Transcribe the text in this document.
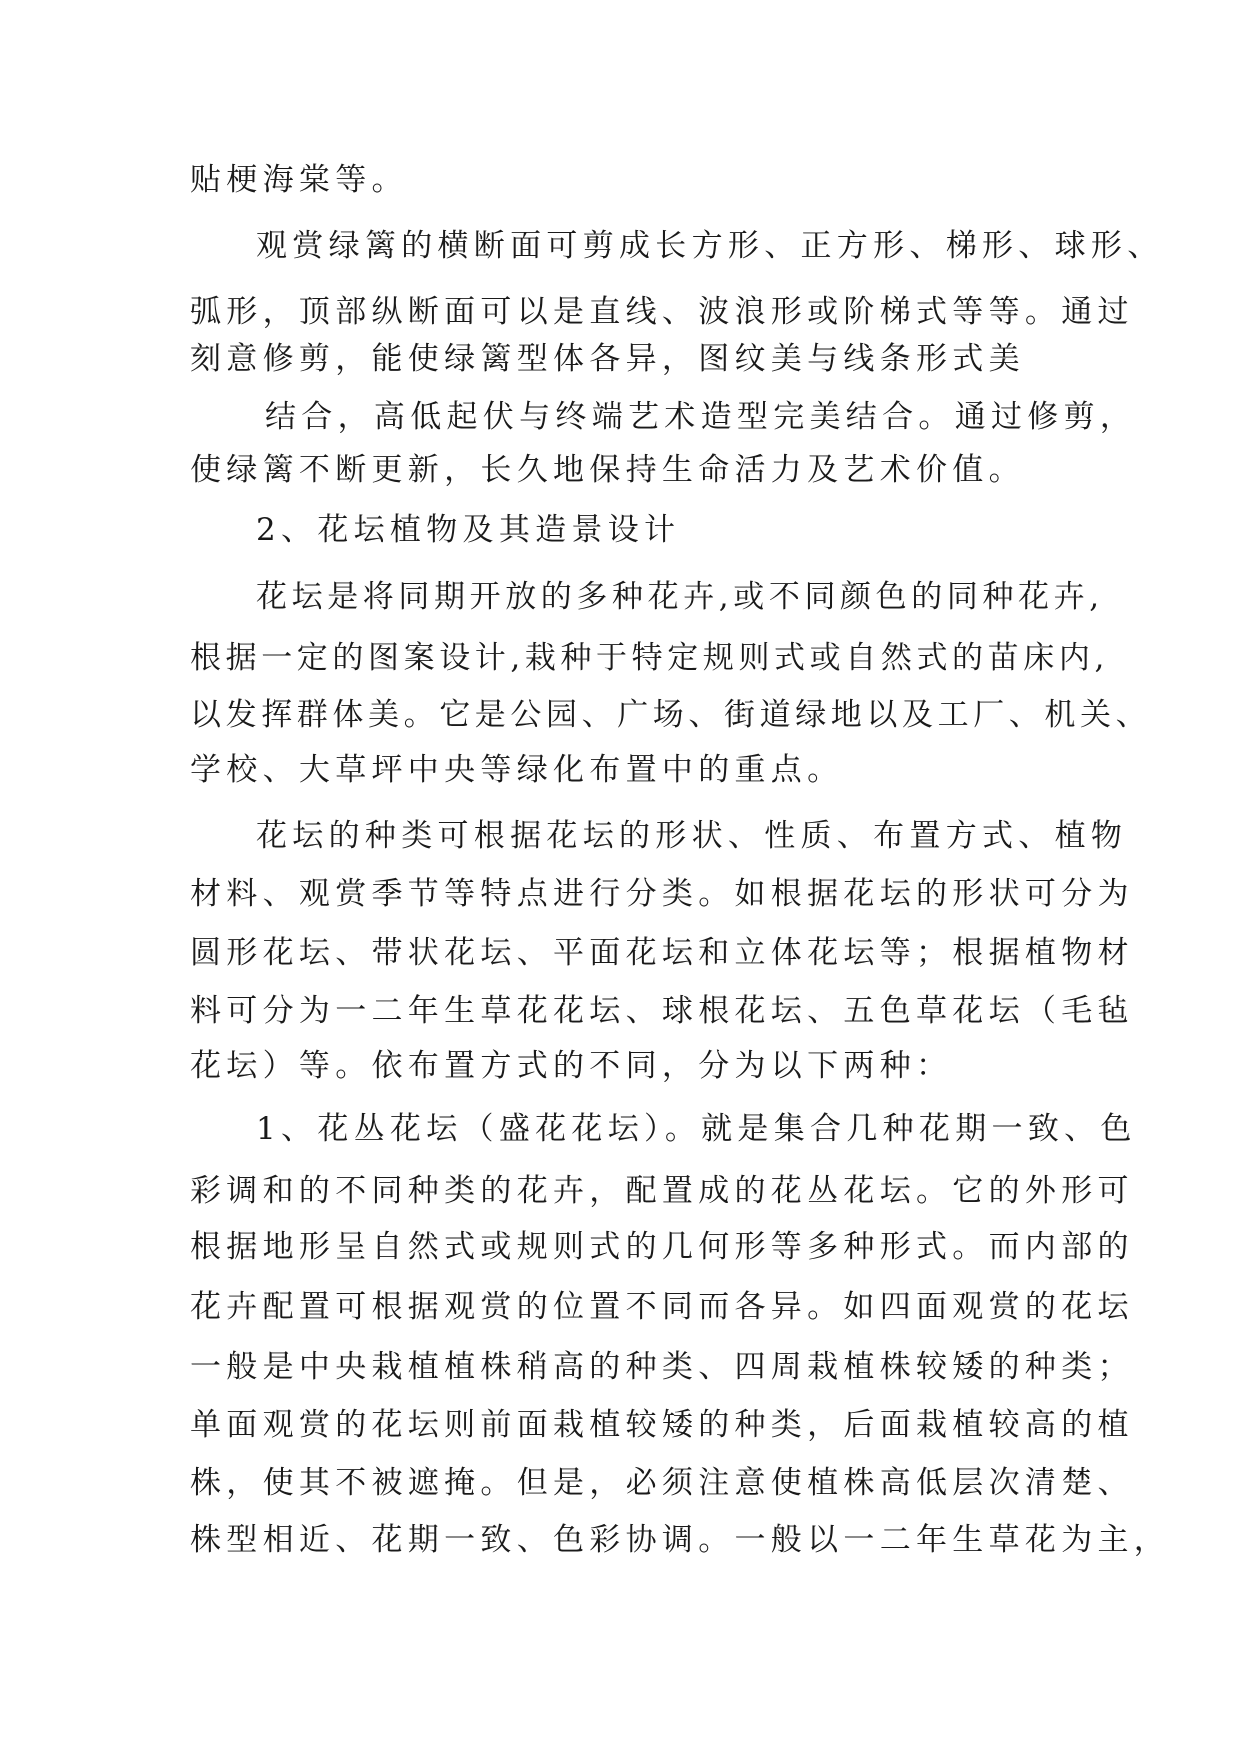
贴梗海棠等。
观赏绿篱的横断面可剪成长方形、正方形、梯形、球形、
弧形，顶部纵断面可以是直线、波浪形或阶梯式等等。通过
刻意修剪，能使绿篱型体各异，图纹美与线条形式美
结合，高低起伏与终端艺术造型完美结合。通过修剪，
使绿篱不断更新，长久地保持生命活力及艺术价值。
2、花坛植物及其造景设计
花坛是将同期开放的多种花卉,或不同颜色的同种花卉,
根据一定的图案设计,栽种于特定规则式或自然式的苗床内,
以发挥群体美。它是公园、广场、街道绿地以及工厂、机关、
学校、大草坪中央等绿化布置中的重点。
花坛的种类可根据花坛的形状、性质、布置方式、植物
材料、观赏季节等特点进行分类。如根据花坛的形状可分为
圆形花坛、带状花坛、平面花坛和立体花坛等；根据植物材
料可分为一二年生草花花坛、球根花坛、五色草花坛（毛毡
花坛）等。依布置方式的不同，分为以下两种：
1、花丛花坛（盛花花坛）。就是集合几种花期一致、色
彩调和的不同种类的花卉，配置成的花丛花坛。它的外形可
根据地形呈自然式或规则式的几何形等多种形式。而内部的
花卉配置可根据观赏的位置不同而各异。如四面观赏的花坛
一般是中央栽植植株稍高的种类、四周栽植株较矮的种类；
单面观赏的花坛则前面栽植较矮的种类，后面栽植较高的植
株，使其不被遮掩。但是，必须注意使植株高低层次清楚、
株型相近、花期一致、色彩协调。一般以一二年生草花为主，
